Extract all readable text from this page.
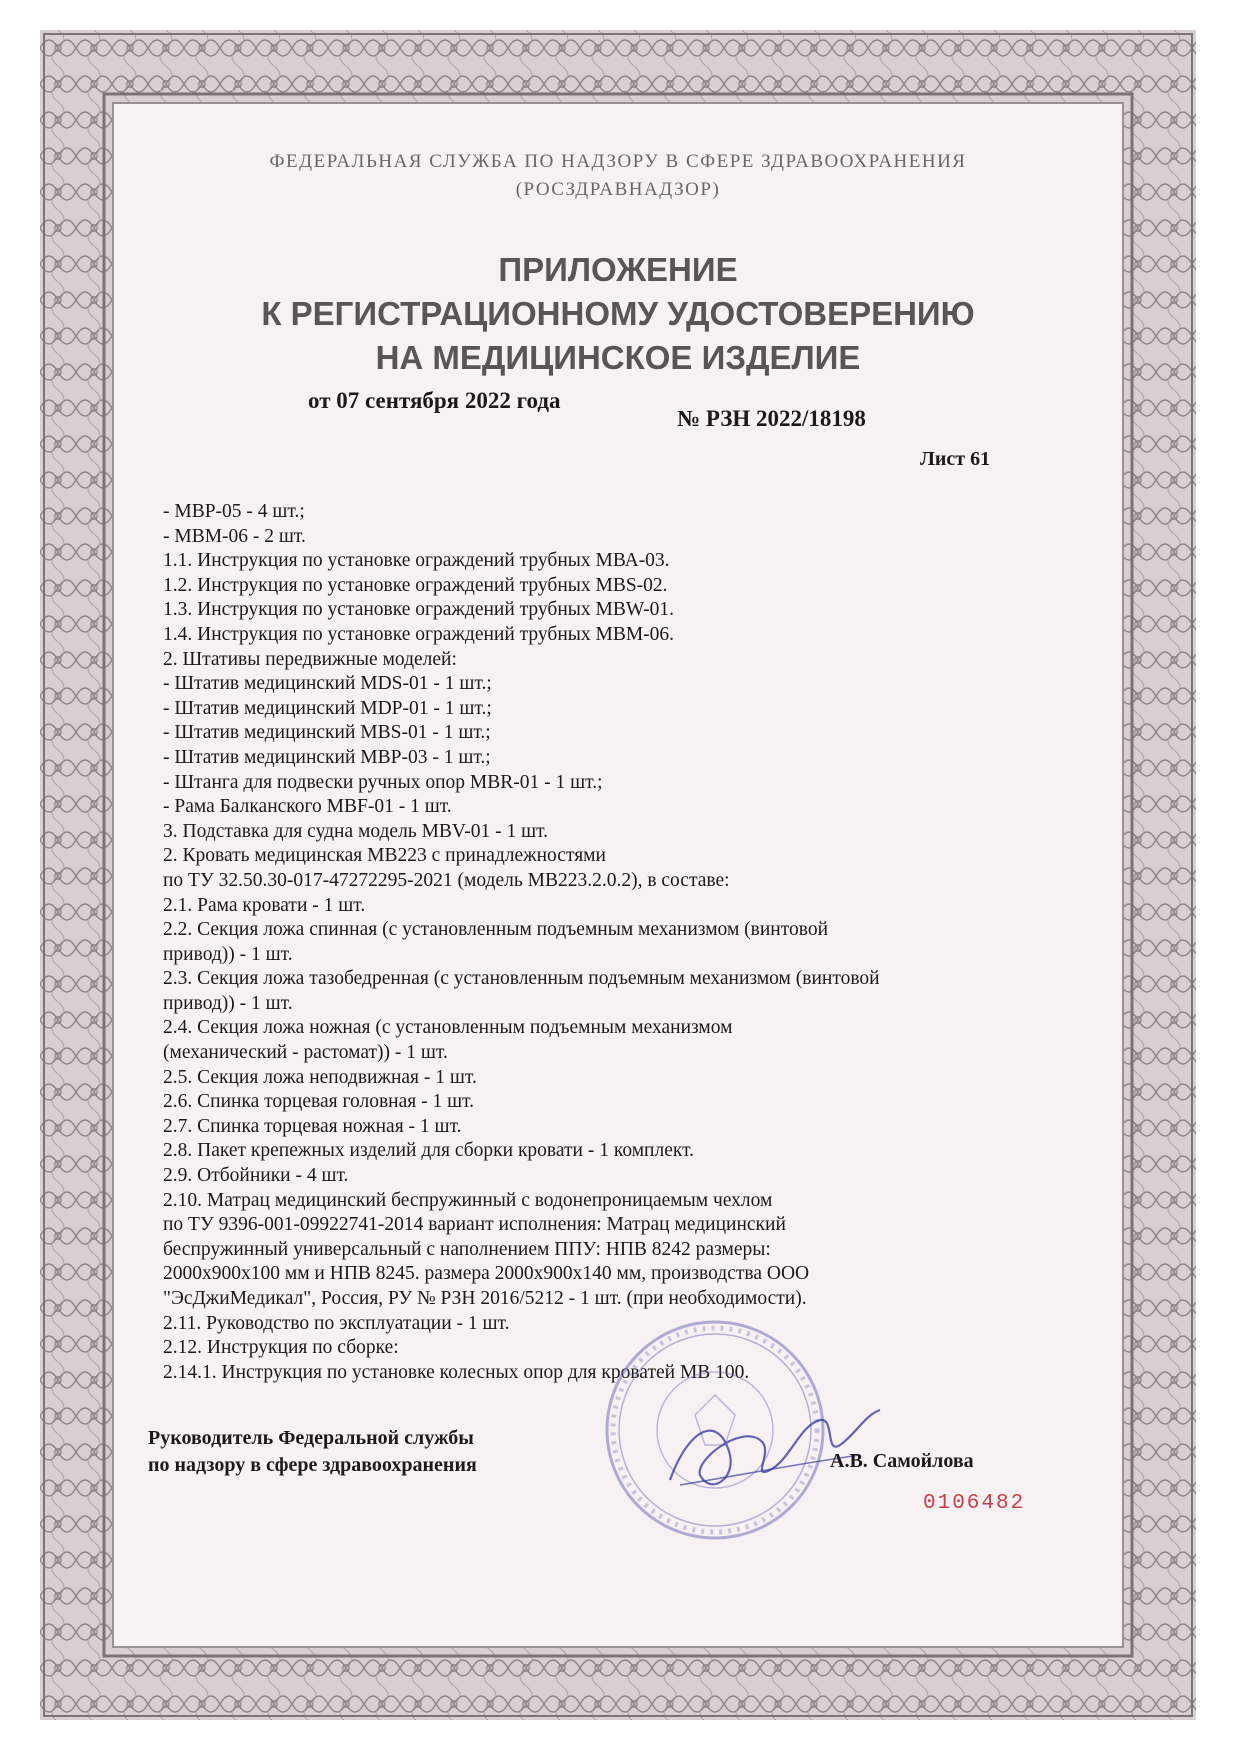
ФЕДЕРАЛЬНАЯ СЛУЖБА ПО НАДЗОРУ В СФЕРЕ ЗДРАВООХРАНЕНИЯ
(РОСЗДРАВНАДЗОР)
ПРИЛОЖЕНИЕ
К РЕГИСТРАЦИОННОМУ УДОСТОВЕРЕНИЮ
НА МЕДИЦИНСКОЕ ИЗДЕЛИЕ
от 07 сентября 2022 года
№ РЗН 2022/18198
Лист 61
- МВР-05 - 4 шт.;
- МВМ-06 - 2 шт.
1.1. Инструкция по установке ограждений трубных МВА-03.
1.2. Инструкция по установке ограждений трубных МВS-02.
1.3. Инструкция по установке ограждений трубных МВW-01.
1.4. Инструкция по установке ограждений трубных МВМ-06.
2. Штативы передвижные моделей:
- Штатив медицинский MDS-01 - 1 шт.;
- Штатив медицинский MDP-01 - 1 шт.;
- Штатив медицинский MBS-01 - 1 шт.;
- Штатив медицинский MBP-03 - 1 шт.;
- Штанга для подвески ручных опор MBR-01 - 1 шт.;
- Рама Балканского MBF-01 - 1 шт.
3. Подставка для судна модель MBV-01 - 1 шт.
2. Кровать медицинская МВ223 с принадлежностями
по ТУ 32.50.30-017-47272295-2021 (модель МВ223.2.0.2), в составе:
2.1. Рама кровати - 1 шт.
2.2. Секция ложа спинная (с установленным подъемным механизмом (винтовой
привод)) - 1 шт.
2.3. Секция ложа тазобедренная (с установленным подъемным механизмом (винтовой
привод)) - 1 шт.
2.4. Секция ложа ножная (с установленным подъемным механизмом
(механический - растомат)) - 1 шт.
2.5. Секция ложа неподвижная - 1 шт.
2.6. Спинка торцевая головная - 1 шт.
2.7. Спинка торцевая ножная - 1 шт.
2.8. Пакет крепежных изделий для сборки кровати - 1 комплект.
2.9. Отбойники - 4 шт.
2.10. Матрац медицинский беспружинный с водонепроницаемым чехлом
по ТУ 9396-001-09922741-2014 вариант исполнения: Матрац медицинский
беспружинный универсальный с наполнением ППУ: НПВ 8242 размеры:
2000х900х100 мм и НПВ 8245. размера 2000х900х140 мм, производства ООО
"ЭсДжиМедикал", Россия, РУ № РЗН 2016/5212 - 1 шт. (при необходимости).
2.11. Руководство по эксплуатации - 1 шт.
2.12. Инструкция по сборке:
2.14.1. Инструкция по установке колесных опор для кроватей МВ 100.
Руководитель Федеральной службы
по надзору в сфере здравоохранения	А.В. Самойлова
0106482
